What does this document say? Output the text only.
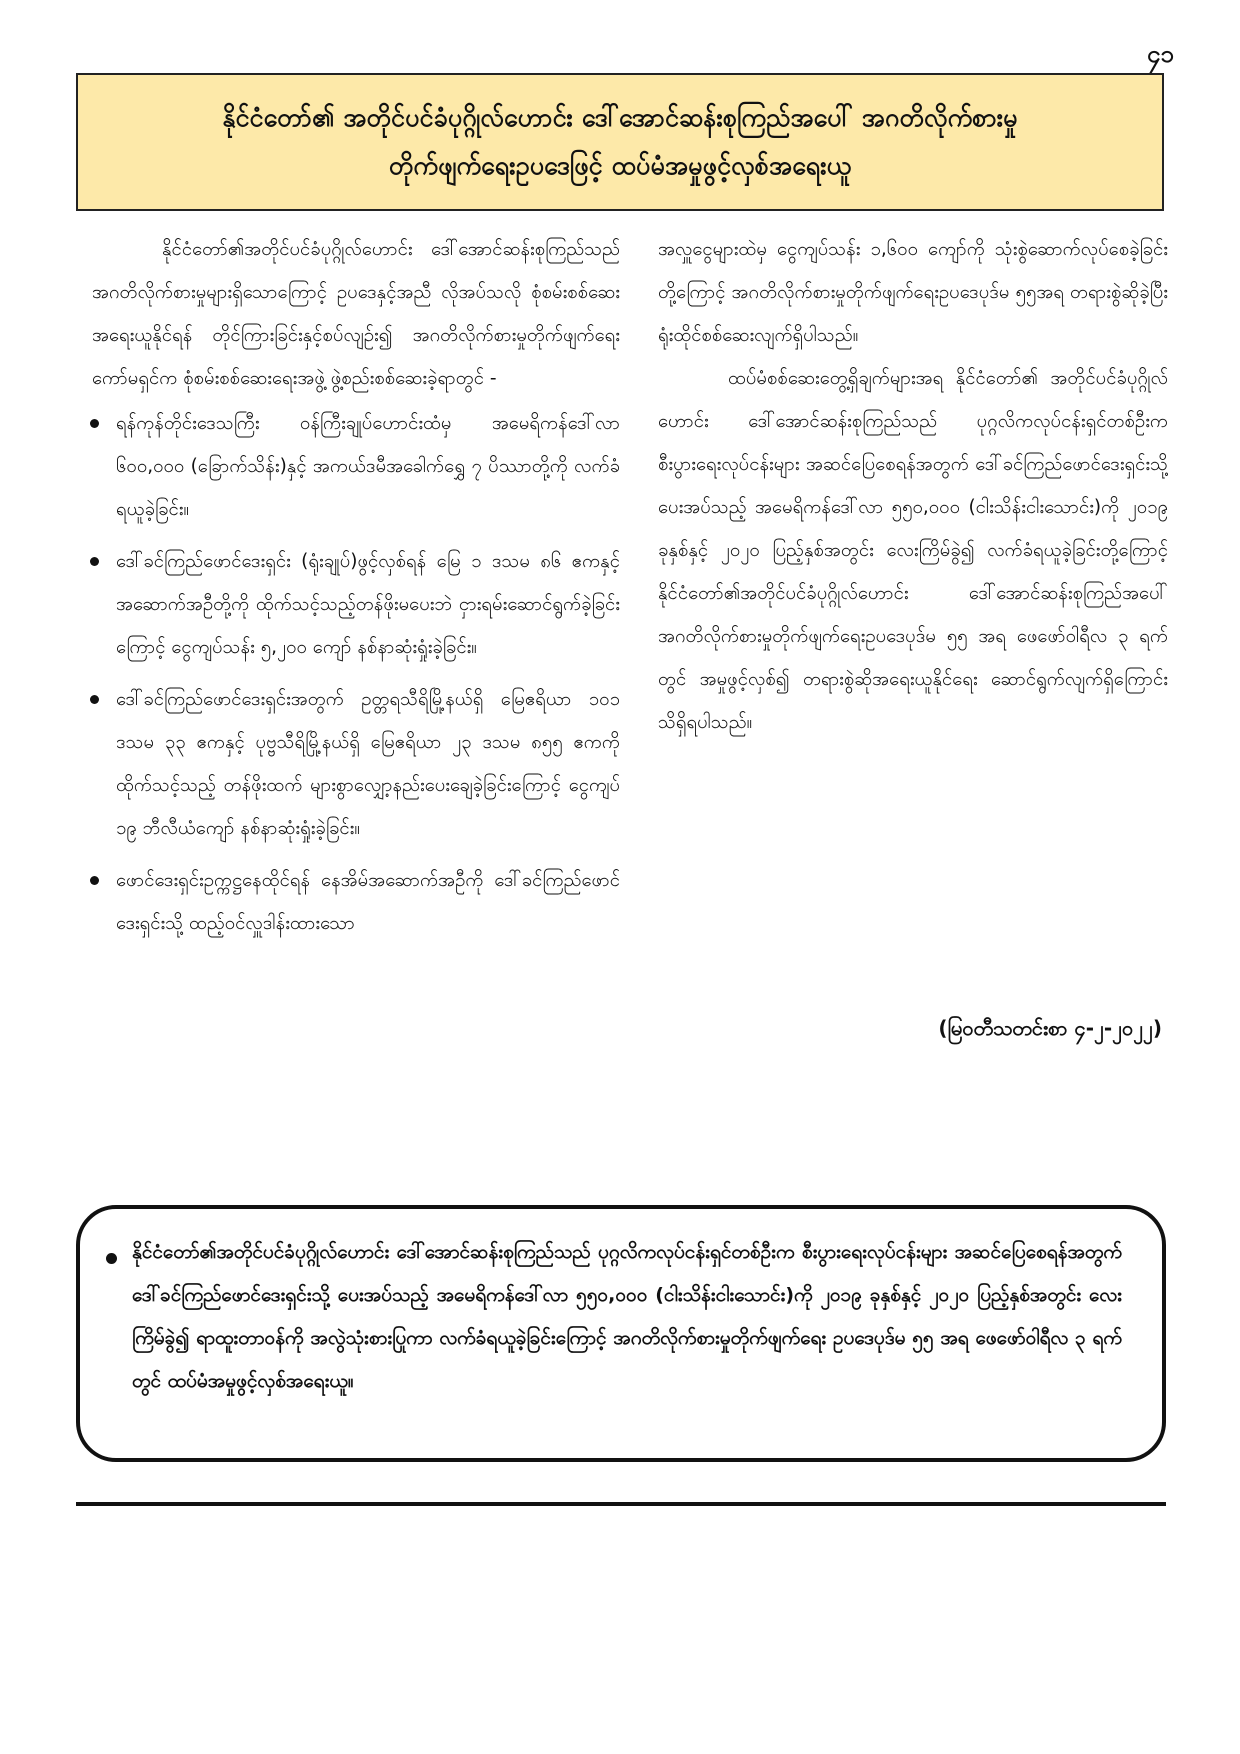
၄၁
နိုင်ငံတော်၏ အတိုင်ပင်ခံပုဂ္ဂိုလ်ဟောင်း ဒေါ်အောင်ဆန်းစုကြည်အပေါ် အဂတိလိုက်စားမှု
တိုက်ဖျက်ရေးဥပဒေဖြင့် ထပ်မံအမှုဖွင့်လှစ်အရေးယူ

နိုင်ငံတော်၏အတိုင်ပင်ခံပုဂ္ဂိုလ်ဟောင်း ဒေါ်အောင်ဆန်းစုကြည်သည် အဂတိလိုက်စားမှုများရှိသောကြောင့် ဥပဒေနှင့်အညီ လိုအပ်သလို စုံစမ်းစစ်ဆေးအရေးယူနိုင်ရန် တိုင်ကြားခြင်းနှင့်စပ်လျဉ်း၍ အဂတိလိုက်စားမှုတိုက်ဖျက်ရေးကော်မရှင်က စုံစမ်းစစ်ဆေးရေးအဖွဲ့ ဖွဲ့စည်းစစ်ဆေးခဲ့ရာတွင် -

ရန်ကုန်တိုင်းဒေသကြီး ဝန်ကြီးချုပ်ဟောင်းထံမှ အမေရိကန်ဒေါ်လာ ၆၀၀,၀၀၀ (ခြောက်သိန်း)နှင့် အကယ်ဒမီအခေါက်ရွှေ ၇ ပိဿာတို့ကို လက်ခံရယူခဲ့ခြင်း။
ဒေါ်ခင်ကြည်ဖောင်ဒေးရှင်း (ရုံးချုပ်)ဖွင့်လှစ်ရန် မြေ ၁ ဒသမ ၈၆ ဧကနှင့် အဆောက်အဦတို့ကို ထိုက်သင့်သည့်တန်ဖိုးမပေးဘဲ ငှားရမ်းဆောင်ရွက်ခဲ့ခြင်းကြောင့် ငွေကျပ်သန်း ၅,၂၀၀ ကျော် နစ်နာဆုံးရှုံးခဲ့ခြင်း။
ဒေါ်ခင်ကြည်ဖောင်ဒေးရှင်းအတွက် ဥတ္တရသီရိမြို့နယ်ရှိ မြေဧရိယာ ၁၀၁ ဒသမ ၃၃ ဧကနှင့် ပုဗ္ဗသီရိမြို့နယ်ရှိ မြေဧရိယာ ၂၃ ဒသမ ၈၅၅ ဧကကို ထိုက်သင့်သည့် တန်ဖိုးထက် များစွာလျှော့နည်းပေးချေခဲ့ခြင်းကြောင့် ငွေကျပ် ၁၉ ဘီလီယံကျော် နစ်နာဆုံးရှုံးခဲ့ခြင်း။
ဖောင်ဒေးရှင်းဥက္ကဋ္ဌနေထိုင်ရန် နေအိမ်အဆောက်အဦကို ဒေါ်ခင်ကြည်ဖောင်ဒေးရှင်းသို့ ထည့်ဝင်လှူဒါန်းထားသော

အလှူငွေများထဲမှ ငွေကျပ်သန်း ၁,၆၀၀ ကျော်ကို သုံးစွဲဆောက်လုပ်စေခဲ့ခြင်းတို့ကြောင့် အဂတိလိုက်စားမှုတိုက်ဖျက်ရေးဥပဒေပုဒ်မ ၅၅အရ တရားစွဲဆိုခဲ့ပြီး ရုံးထိုင်စစ်ဆေးလျက်ရှိပါသည်။

ထပ်မံစစ်ဆေးတွေ့ရှိချက်များအရ နိုင်ငံတော်၏ အတိုင်ပင်ခံပုဂ္ဂိုလ်ဟောင်း ဒေါ်အောင်ဆန်းစုကြည်သည် ပုဂ္ဂလိကလုပ်ငန်းရှင်တစ်ဦးက စီးပွားရေးလုပ်ငန်းများ အဆင်ပြေစေရန်အတွက် ဒေါ်ခင်ကြည်ဖောင်ဒေးရှင်းသို့ ပေးအပ်သည့် အမေရိကန်ဒေါ်လာ ၅၅၀,၀၀၀ (ငါးသိန်းငါးသောင်း)ကို ၂၀၁၉ ခုနှစ်နှင့် ၂၀၂၀ ပြည့်နှစ်အတွင်း လေးကြိမ်ခွဲ၍ လက်ခံရယူခဲ့ခြင်းတို့ကြောင့် နိုင်ငံတော်၏အတိုင်ပင်ခံပုဂ္ဂိုလ်ဟောင်း ဒေါ်အောင်ဆန်းစုကြည်အပေါ် အဂတိလိုက်စားမှုတိုက်ဖျက်ရေးဥပဒေပုဒ်မ ၅၅ အရ ဖေဖော်ဝါရီလ ၃ ရက်တွင် အမှုဖွင့်လှစ်၍ တရားစွဲဆိုအရေးယူနိုင်ရေး ဆောင်ရွက်လျက်ရှိကြောင်း သိရှိရပါသည်။

(မြဝတီသတင်းစာ ၄-၂-၂၀၂၂)

နိုင်ငံတော်၏အတိုင်ပင်ခံပုဂ္ဂိုလ်ဟောင်း ဒေါ်အောင်ဆန်းစုကြည်သည် ပုဂ္ဂလိကလုပ်ငန်းရှင်တစ်ဦးက စီးပွားရေးလုပ်ငန်းများ အဆင်ပြေစေရန်အတွက် ဒေါ်ခင်ကြည်ဖောင်ဒေးရှင်းသို့ ပေးအပ်သည့် အမေရိကန်ဒေါ်လာ ၅၅၀,၀၀၀ (ငါးသိန်းငါးသောင်း)ကို ၂၀၁၉ ခုနှစ်နှင့် ၂၀၂၀ ပြည့်နှစ်အတွင်း လေးကြိမ်ခွဲ၍ ရာထူးတာဝန်ကို အလွဲသုံးစားပြုကာ လက်ခံရယူခဲ့ခြင်းကြောင့် အဂတိလိုက်စားမှုတိုက်ဖျက်ရေး ဥပဒေပုဒ်မ ၅၅ အရ ဖေဖော်ဝါရီလ ၃ ရက်တွင် ထပ်မံအမှုဖွင့်လှစ်အရေးယူ။
